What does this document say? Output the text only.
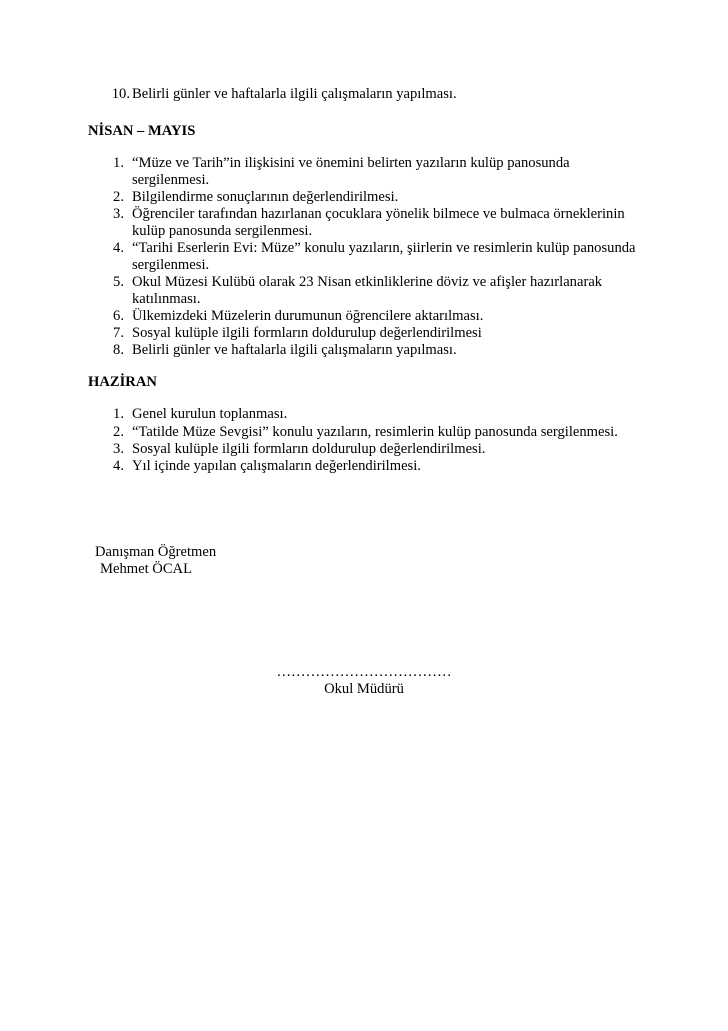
10. Belirli günler ve haftalarla ilgili çalışmaların yapılması.
NİSAN – MAYIS
1. “Müze ve Tarih”in ilişkisini ve önemini belirten yazıların kulüp panosunda
sergilenmesi.
2. Bilgilendirme sonuçlarının değerlendirilmesi.
3. Öğrenciler tarafından hazırlanan çocuklara yönelik bilmece ve bulmaca örneklerinin
kulüp panosunda sergilenmesi.
4. “Tarihi Eserlerin Evi: Müze” konulu yazıların, şiirlerin ve resimlerin kulüp panosunda
sergilenmesi.
5. Okul Müzesi Kulübü olarak 23 Nisan etkinliklerine döviz ve afişler hazırlanarak
katılınması.
6. Ülkemizdeki Müzelerin durumunun öğrencilere aktarılması.
7. Sosyal kulüple ilgili formların doldurulup değerlendirilmesi
8. Belirli günler ve haftalarla ilgili çalışmaların yapılması.
HAZİRAN
1. Genel kurulun toplanması.
2. “Tatilde Müze Sevgisi” konulu yazıların, resimlerin kulüp panosunda sergilenmesi.
3. Sosyal kulüple ilgili formların doldurulup değerlendirilmesi.
4. Yıl içinde yapılan çalışmaların değerlendirilmesi.
Danışman Öğretmen
Mehmet ÖCAL
………………………………
Okul Müdürü
